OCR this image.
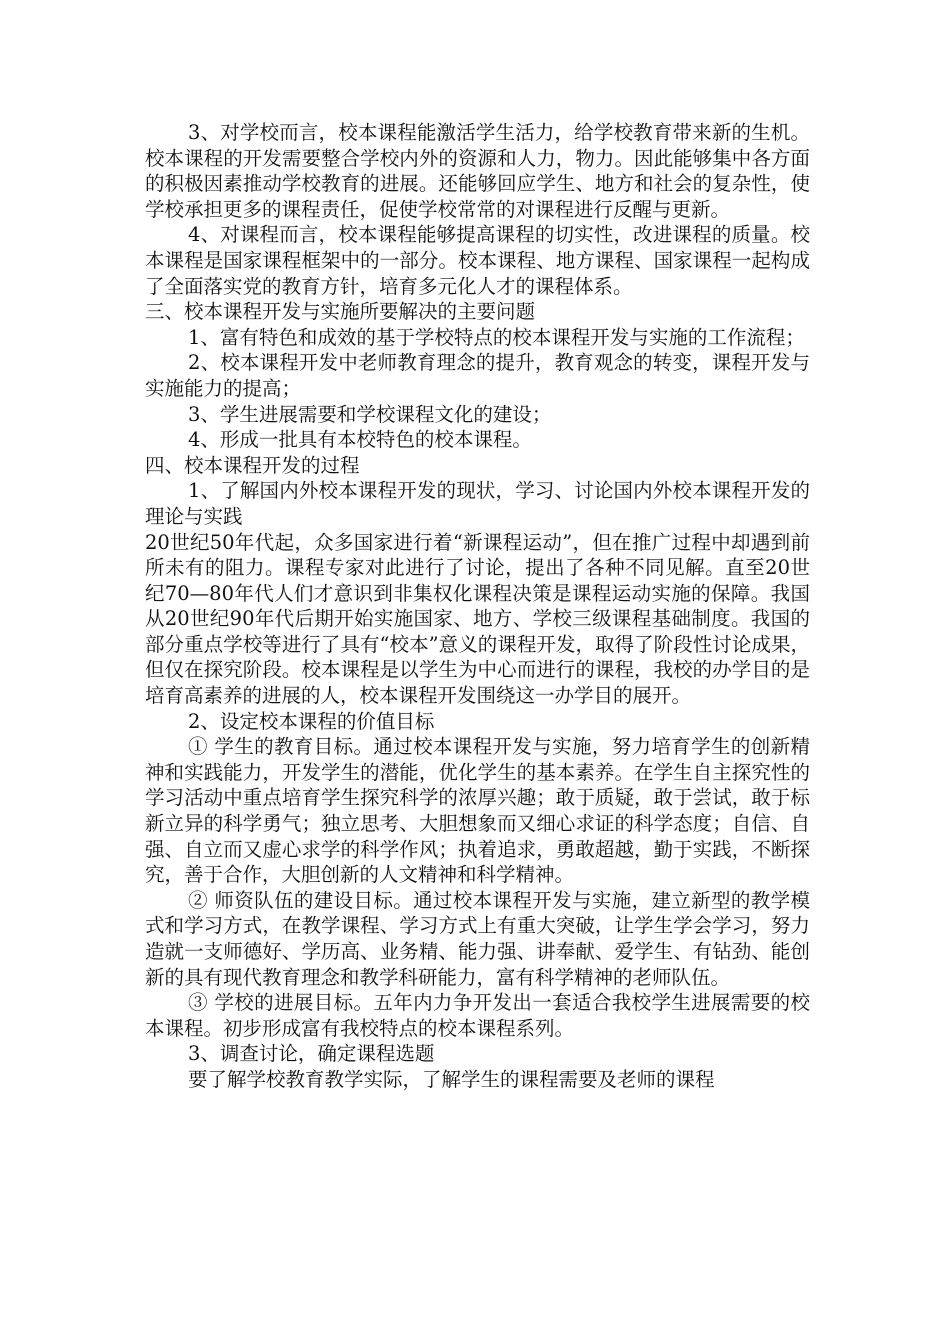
3、对学校而言，校本课程能激活学生活力，给学校教育带来新的生机。校本课程的开发需要整合学校内外的资源和人力，物力。因此能够集中各方面的积极因素推动学校教育的进展。还能够回应学生、地方和社会的复杂性，使学校承担更多的课程责任，促使学校常常的对课程进行反醒与更新。

4、对课程而言，校本课程能够提高课程的切实性，改进课程的质量。校本课程是国家课程框架中的一部分。校本课程、地方课程、国家课程一起构成了全面落实党的教育方针，培育多元化人才的课程体系。

三、校本课程开发与实施所要解决的主要问题

1、富有特色和成效的基于学校特点的校本课程开发与实施的工作流程；

2、校本课程开发中老师教育理念的提升，教育观念的转变，课程开发与实施能力的提高；

3、学生进展需要和学校课程文化的建设；

4、形成一批具有本校特色的校本课程。

四、校本课程开发的过程

1、了解国内外校本课程开发的现状，学习、讨论国内外校本课程开发的理论与实践

20世纪50年代起，众多国家进行着“新课程运动”，但在推广过程中却遇到前所未有的阻力。课程专家对此进行了讨论，提出了各种不同见解。直至20世纪70—80年代人们才意识到非集权化课程决策是课程运动实施的保障。我国从20世纪90年代后期开始实施国家、地方、学校三级课程基础制度。我国的部分重点学校等进行了具有“校本”意义的课程开发，取得了阶段性讨论成果，但仅在探究阶段。校本课程是以学生为中心而进行的课程，我校的办学目的是培育高素养的进展的人，校本课程开发围绕这一办学目的展开。

2、设定校本课程的价值目标

① 学生的教育目标。通过校本课程开发与实施，努力培育学生的创新精神和实践能力，开发学生的潜能，优化学生的基本素养。在学生自主探究性的学习活动中重点培育学生探究科学的浓厚兴趣；敢于质疑，敢于尝试，敢于标新立异的科学勇气；独立思考、大胆想象而又细心求证的科学态度；自信、自强、自立而又虚心求学的科学作风；执着追求，勇敢超越，勤于实践，不断探究，善于合作，大胆创新的人文精神和科学精神。

② 师资队伍的建设目标。通过校本课程开发与实施，建立新型的教学模式和学习方式，在教学课程、学习方式上有重大突破，让学生学会学习，努力造就一支师德好、学历高、业务精、能力强、讲奉献、爱学生、有钻劲、能创新的具有现代教育理念和教学科研能力，富有科学精神的老师队伍。

③ 学校的进展目标。五年内力争开发出一套适合我校学生进展需要的校本课程。初步形成富有我校特点的校本课程系列。

3、调查讨论，确定课程选题

要了解学校教育教学实际，了解学生的课程需要及老师的课程
